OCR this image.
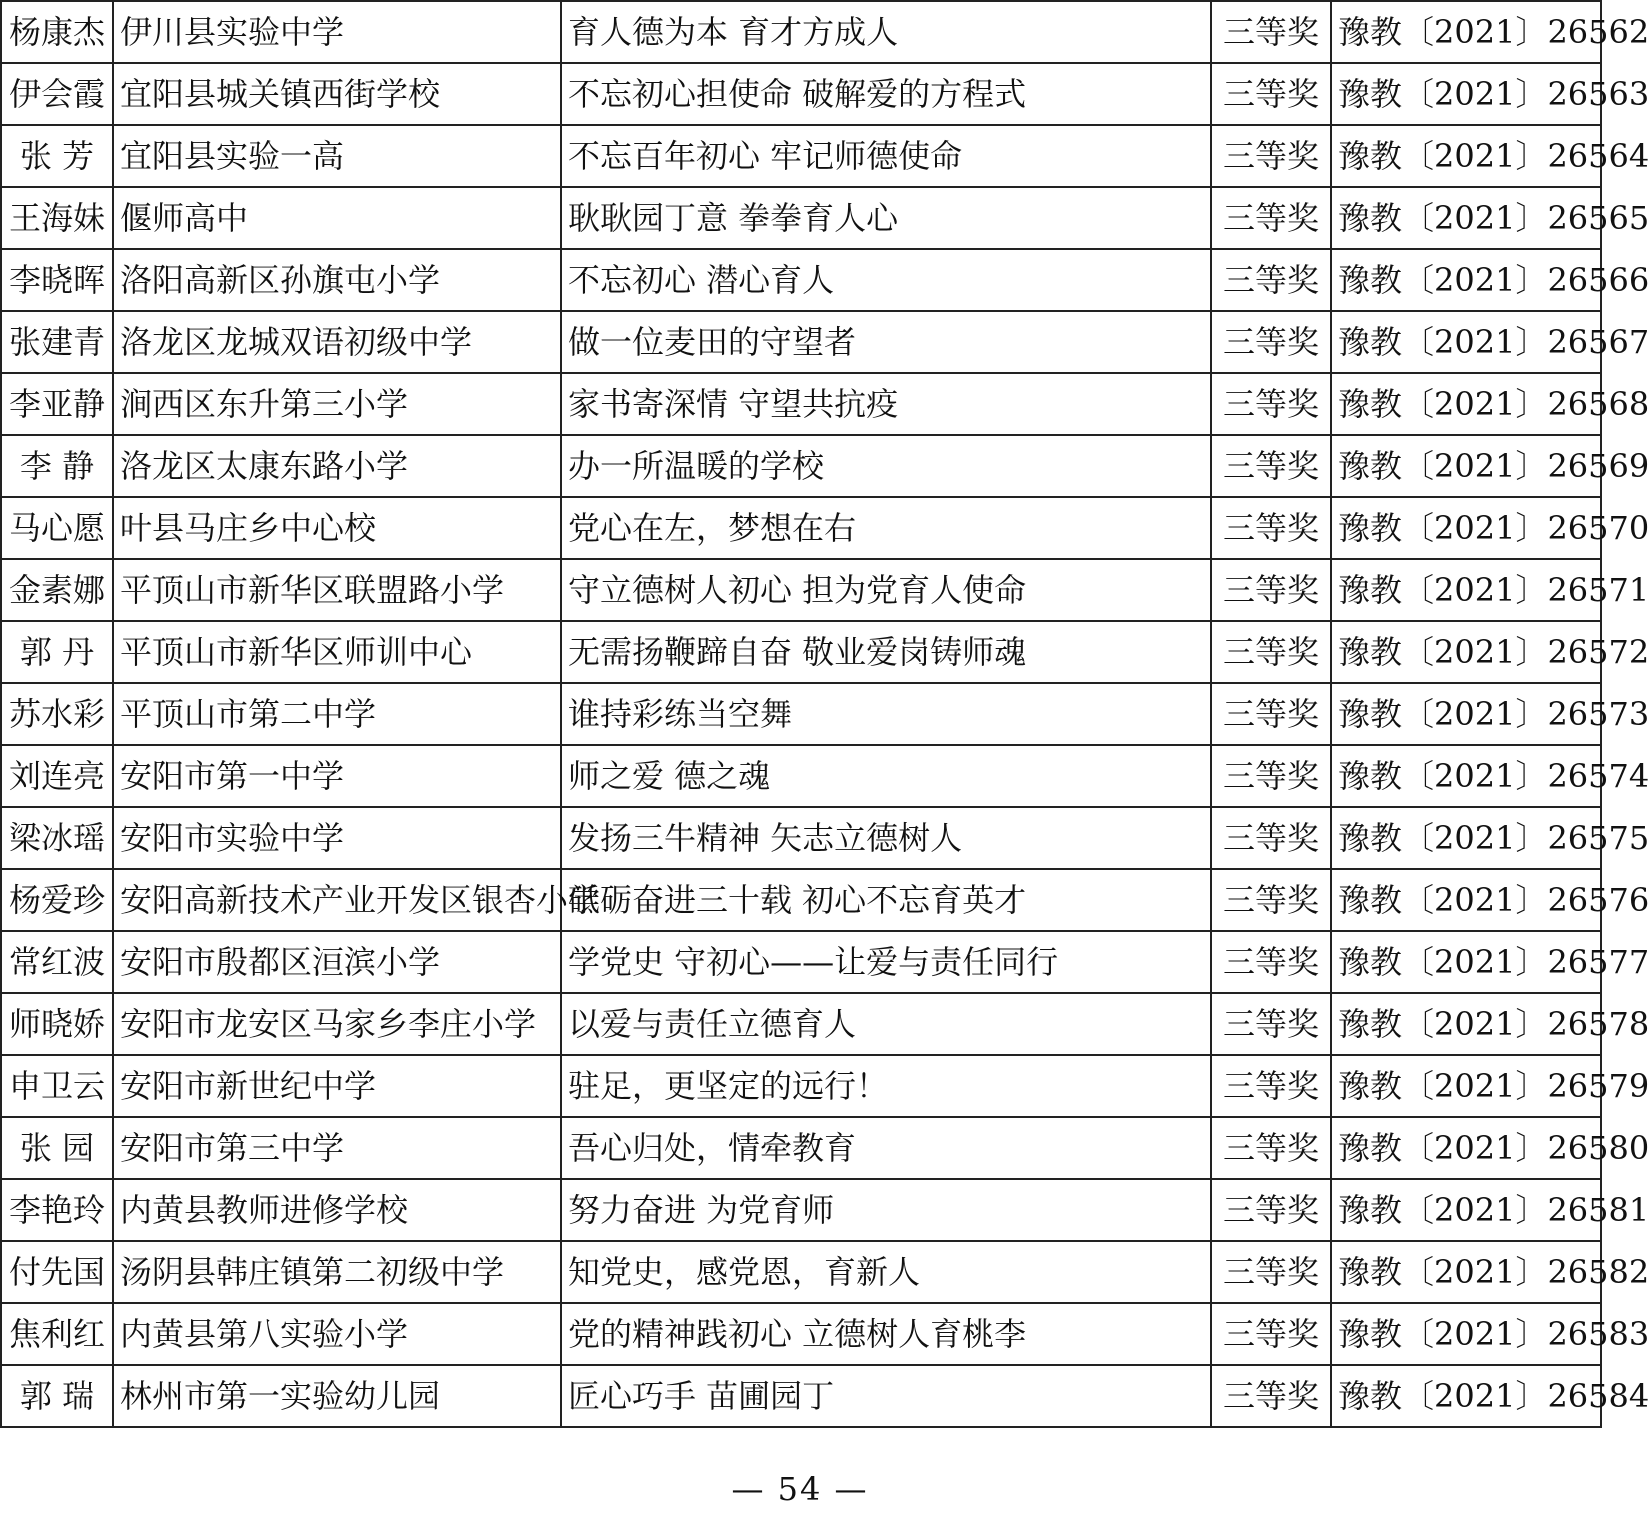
杨康杰	伊川县实验中学	育人德为本 育才方成人	三等奖	豫教〔2021〕26562
伊会霞	宜阳县城关镇西街学校	不忘初心担使命 破解爱的方程式	三等奖	豫教〔2021〕26563
张 芳	宜阳县实验一高	不忘百年初心 牢记师德使命	三等奖	豫教〔2021〕26564
王海妹	偃师高中	耿耿园丁意 拳拳育人心	三等奖	豫教〔2021〕26565
李晓晖	洛阳高新区孙旗屯小学	不忘初心 潜心育人	三等奖	豫教〔2021〕26566
张建青	洛龙区龙城双语初级中学	做一位麦田的守望者	三等奖	豫教〔2021〕26567
李亚静	涧西区东升第三小学	家书寄深情 守望共抗疫	三等奖	豫教〔2021〕26568
李 静	洛龙区太康东路小学	办一所温暖的学校	三等奖	豫教〔2021〕26569
马心愿	叶县马庄乡中心校	党心在左，梦想在右	三等奖	豫教〔2021〕26570
金素娜	平顶山市新华区联盟路小学	守立德树人初心 担为党育人使命	三等奖	豫教〔2021〕26571
郭 丹	平顶山市新华区师训中心	无需扬鞭蹄自奋 敬业爱岗铸师魂	三等奖	豫教〔2021〕26572
苏水彩	平顶山市第二中学	谁持彩练当空舞	三等奖	豫教〔2021〕26573
刘连亮	安阳市第一中学	师之爱 德之魂	三等奖	豫教〔2021〕26574
梁冰瑶	安阳市实验中学	发扬三牛精神 矢志立德树人	三等奖	豫教〔2021〕26575
杨爱珍	安阳高新技术产业开发区银杏小学	砥砺奋进三十载 初心不忘育英才	三等奖	豫教〔2021〕26576
常红波	安阳市殷都区洹滨小学	学党史 守初心——让爱与责任同行	三等奖	豫教〔2021〕26577
师晓娇	安阳市龙安区马家乡李庄小学	以爱与责任立德育人	三等奖	豫教〔2021〕26578
申卫云	安阳市新世纪中学	驻足，更坚定的远行！	三等奖	豫教〔2021〕26579
张 园	安阳市第三中学	吾心归处，情牵教育	三等奖	豫教〔2021〕26580
李艳玲	内黄县教师进修学校	努力奋进 为党育师	三等奖	豫教〔2021〕26581
付先国	汤阴县韩庄镇第二初级中学	知党史，感党恩，育新人	三等奖	豫教〔2021〕26582
焦利红	内黄县第八实验小学	党的精神践初心 立德树人育桃李	三等奖	豫教〔2021〕26583
郭 瑞	林州市第一实验幼儿园	匠心巧手 苗圃园丁	三等奖	豫教〔2021〕26584
— 54 —
